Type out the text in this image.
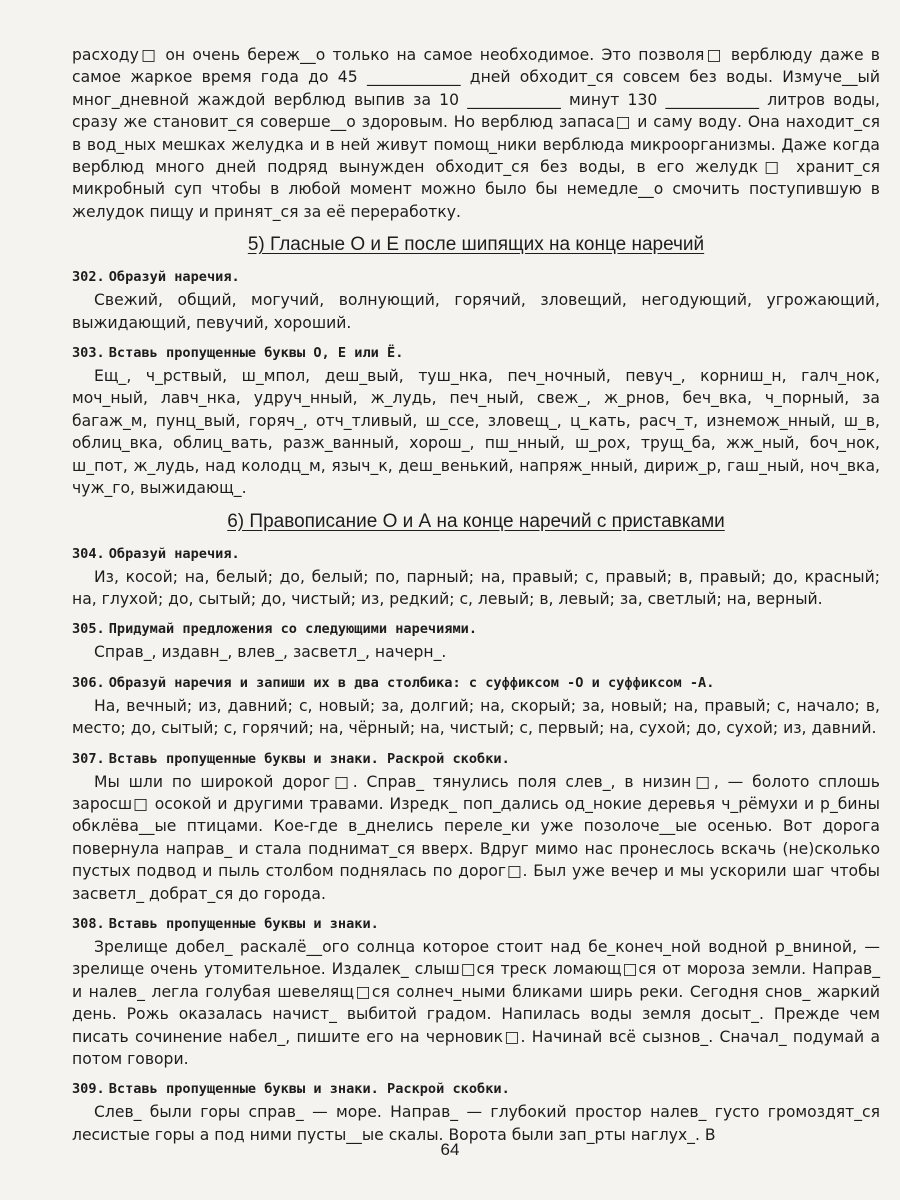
расходу□ он очень береж__о только на самое необходимое. Это позволя□ верблюду даже в самое жаркое время года до 45 ____________ дней обходит_ся совсем без воды. Измуче__ый мног_дневной жаждой верблюд выпив за 10 ____________ минут 130 ____________ литров воды, сразу же становит_ся соверше__о здоровым. Но верблюд запаса□ и саму воду. Она находит_ся в вод_ных мешках желудка и в ней живут помощ_ники верблюда микроорганизмы. Даже когда верблюд много дней подряд вынужден обходит_ся без воды, в его желудк□ хранит_ся микробный суп чтобы в любой момент можно было бы немедле__о смочить поступившую в желудок пищу и принят_ся за её переработку.

5) Гласные О и Е после шипящих на конце наречий
302. Образуй наречия.

Свежий, общий, могучий, волнующий, горячий, зловещий, негодующий, угрожающий, выжидающий, певучий, хороший.

303. Вставь пропущенные буквы О, Е или Ё.

Ещ_, ч_рствый, ш_мпол, деш_вый, туш_нка, печ_ночный, певуч_, корниш_н, галч_нок, моч_ный, лавч_нка, удруч_нный, ж_лудь, печ_ный, свеж_, ж_рнов, беч_вка, ч_порный, за багаж_м, пунц_вый, горяч_, отч_тливый, ш_ссе, зловещ_, ц_кать, расч_т, изнемож_нный, ш_в, облиц_вка, облиц_вать, разж_ванный, хорош_, пш_нный, ш_рох, трущ_ба, жж_ный, боч_нок, ш_пот, ж_лудь, над колодц_м, языч_к, деш_венький, напряж_нный, дириж_р, гаш_ный, ноч_вка, чуж_го, выжидающ_.

6) Правописание О и А на конце наречий с приставками
304. Образуй наречия.

Из, косой; на, белый; до, белый; по, парный; на, правый; с, правый; в, правый; до, красный; на, глухой; до, сытый; до, чистый; из, редкий; с, левый; в, левый; за, светлый; на, верный.

305. Придумай предложения со следующими наречиями.

Справ_, издавн_, влев_, засветл_, начерн_.

306. Образуй наречия и запиши их в два столбика: с суффиксом -О и суффиксом -А.

На, вечный; из, давний; с, новый; за, долгий; на, скорый; за, новый; на, правый; с, начало; в, место; до, сытый; с, горячий; на, чёрный; на, чистый; с, первый; на, сухой; до, сухой; из, давний.

307. Вставь пропущенные буквы и знаки. Раскрой скобки.

Мы шли по широкой дорог□. Справ_ тянулись поля слев_, в низин□, — болото сплошь заросш□ осокой и другими травами. Изредк_ поп_дались од_нокие деревья ч_рёмухи и р_бины обклёва__ые птицами. Кое-где в_днелись переле_ки уже позолоче__ые осенью. Вот дорога повернула направ_ и стала поднимат_ся вверх. Вдруг мимо нас пронеслось вскачь (не)сколько пустых подвод и пыль столбом поднялась по дорог□. Был уже вечер и мы ускорили шаг чтобы засветл_ добрат_ся до города.

308. Вставь пропущенные буквы и знаки.

Зрелище добел_ раскалё__ого солнца которое стоит над бе_конеч_ной водной р_вниной, — зрелище очень утомительное. Издалек_ слыш□ся треск ломающ□ся от мороза земли. Направ_ и налев_ легла голубая шевелящ□ся солнеч_ными бликами ширь реки. Сегодня снов_ жаркий день. Рожь оказалась начист_ выбитой градом. Напилась воды земля досыт_. Прежде чем писать сочинение набел_, пишите его на черновик□. Начинай всё сызнов_. Сначал_ подумай а потом говори.

309. Вставь пропущенные буквы и знаки. Раскрой скобки.

Слев_ были горы справ_ — море. Направ_ — глубокий простор налев_ густо громоздят_ся лесистые горы а под ними пусты__ые скалы. Ворота были зап_рты наглух_. В

64
